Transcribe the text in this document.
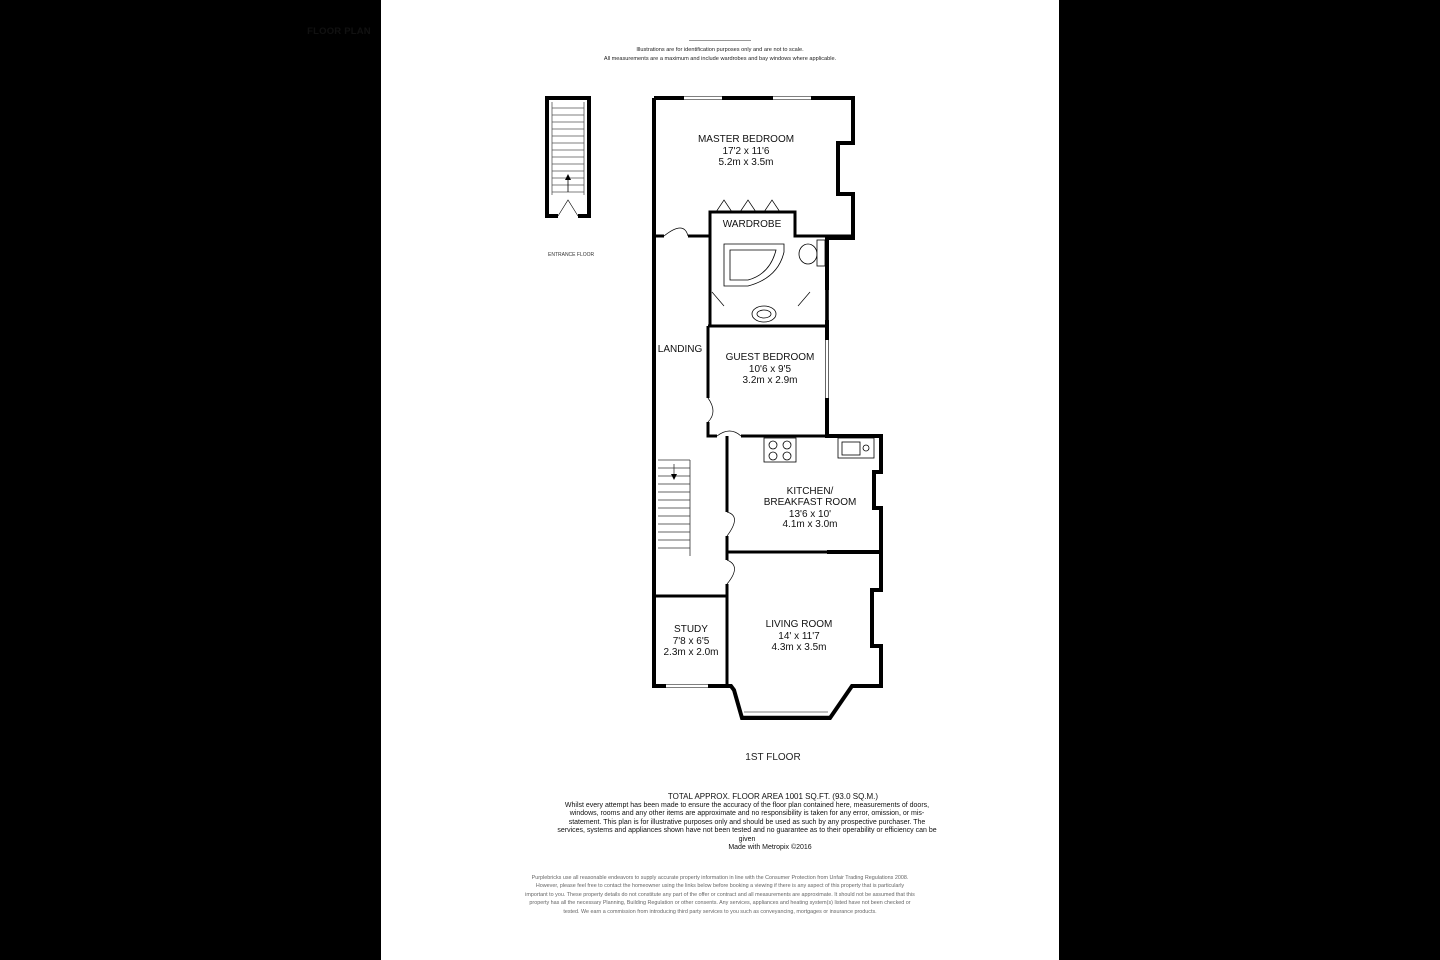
FLOOR PLAN
Illustrations are for identification purposes only and are not to scale.
All measurements are a maximum and include wardrobes and bay windows where applicable.
ENTRANCE FLOOR
MASTER BEDROOM
17'2 x 11'6
5.2m x 3.5m
WARDROBE
LANDING
GUEST BEDROOM
10'6 x 9'5
3.2m x 2.9m
KITCHEN/
BREAKFAST ROOM
13'6 x 10'
4.1m x 3.0m
STUDY
7'8 x 6'5
2.3m x 2.0m
LIVING ROOM
14' x 11'7
4.3m x 3.5m
1ST FLOOR
TOTAL APPROX. FLOOR AREA 1001 SQ.FT. (93.0 SQ.M.)
Whilst every attempt has been made to ensure the accuracy of the floor plan contained here, measurements of doors, windows, rooms and any other items are approximate and no responsibility is taken for any error, omission, or mis-statement. This plan is for illustrative purposes only and should be used as such by any prospective purchaser. The services, systems and appliances shown have not been tested and no guarantee as to their operability or efficiency can be given
Made with Metropix ©2016
Purplebricks use all reasonable endeavors to supply accurate property information in line with the Consumer Protection from Unfair Trading Regulations 2008. However, please feel free to contact the homeowner using the links below before booking a viewing if there is any aspect of this property that is particularly important to you. These property details do not constitute any part of the offer or contract and all measurements are approximate. It should not be assumed that this property has all the necessary Planning, Building Regulation or other consents. Any services, appliances and heating system(s) listed have not been checked or tested. We earn a commission from introducing third party services to you such as conveyancing, mortgages or insurance products.
